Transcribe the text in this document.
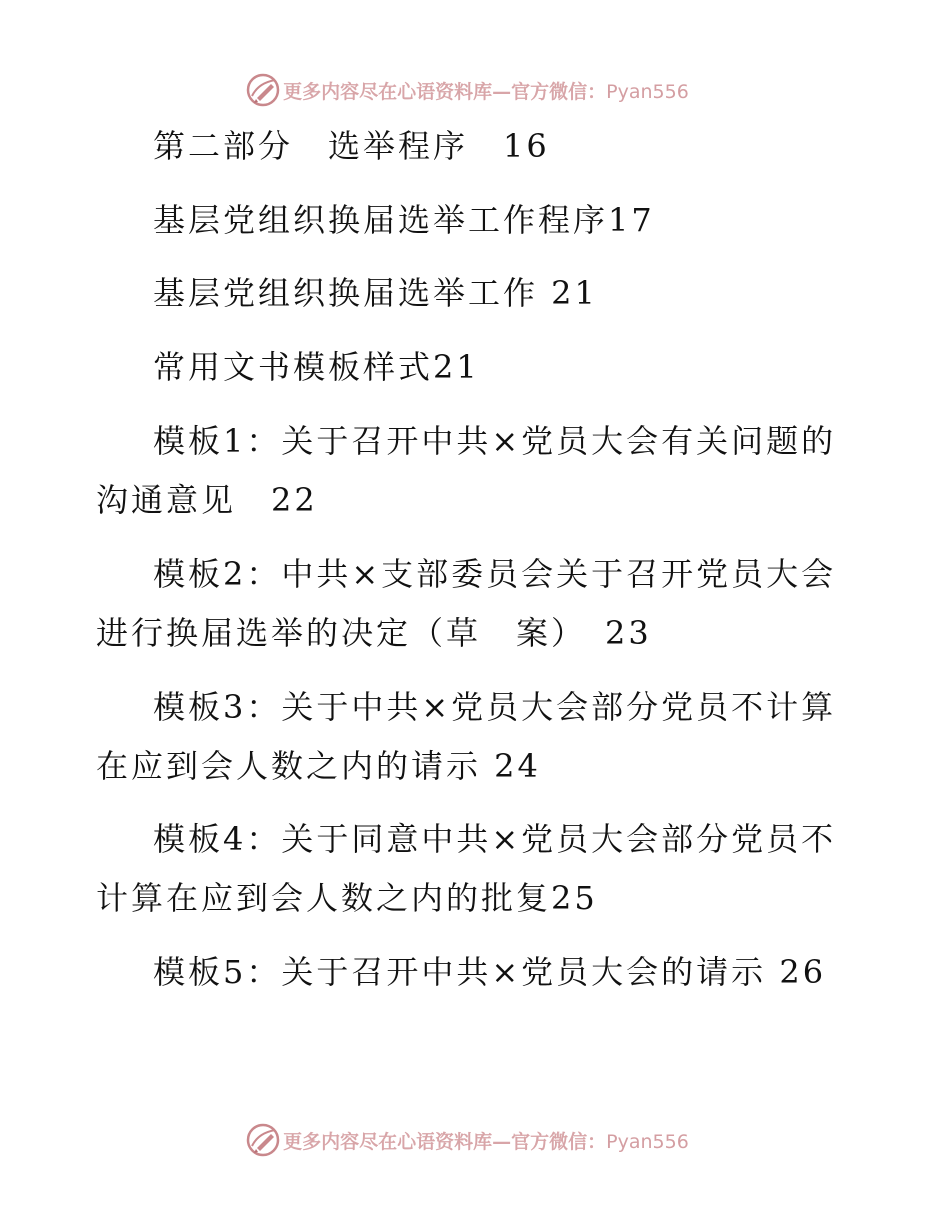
更多内容尽在心语资料库—官方微信：Pyan556
第二部分　选举程序　16
基层党组织换届选举工作程序17
基层党组织换届选举工作 21
常用文书模板样式21
模板1：关于召开中共×党员大会有关问题的
沟通意见　22
模板2：中共×支部委员会关于召开党员大会
进行换届选举的决定（草　案）　23
模板3：关于中共×党员大会部分党员不计算
在应到会人数之内的请示 24
模板4：关于同意中共×党员大会部分党员不
计算在应到会人数之内的批复25
模板5：关于召开中共×党员大会的请示 26
更多内容尽在心语资料库—官方微信：Pyan556
